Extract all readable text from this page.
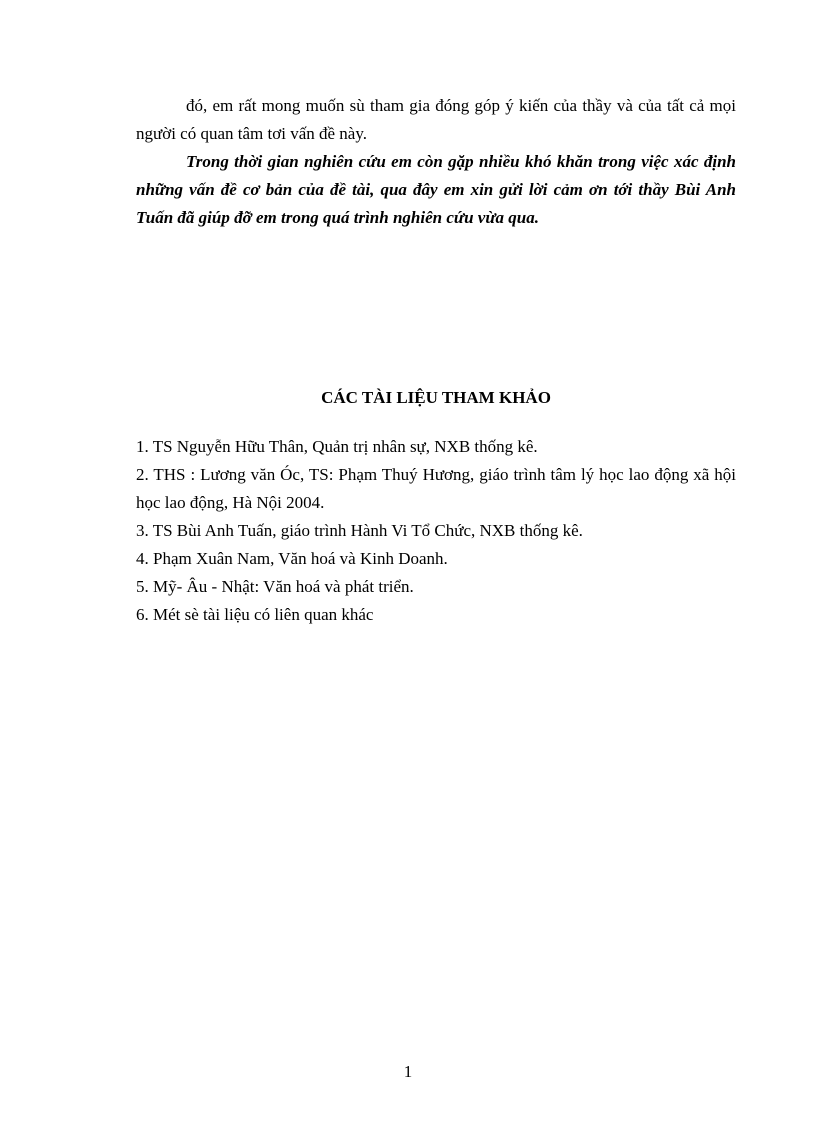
đó, em rất mong muốn sù tham gia đóng góp ý kiến của thầy và của tất cả mọi người có quan tâm tơi vấn đề này.

Trong thời gian nghiên cứu em còn gặp nhiều khó khăn trong việc xác định những vấn đề cơ bản của đề tài, qua đây em xin gửi lời cảm ơn tới thầy Bùi Anh Tuấn đã giúp đỡ em trong quá trình nghiên cứu vừa qua.

CÁC TÀI LIỆU THAM KHẢO
1. TS Nguyễn Hữu Thân, Quản trị nhân sự, NXB thống kê.
2. THS : Lương văn Óc, TS: Phạm Thuý Hương, giáo trình tâm lý học lao động xã hội học lao động, Hà Nội 2004.
3. TS Bùi Anh Tuấn, giáo trình Hành Vi Tổ Chức, NXB thống kê.
4. Phạm Xuân Nam, Văn hoá và Kinh Doanh.
5. Mỹ- Âu - Nhật: Văn hoá và phát triển.
6. Mét sè tài liệu có liên quan khác
1
